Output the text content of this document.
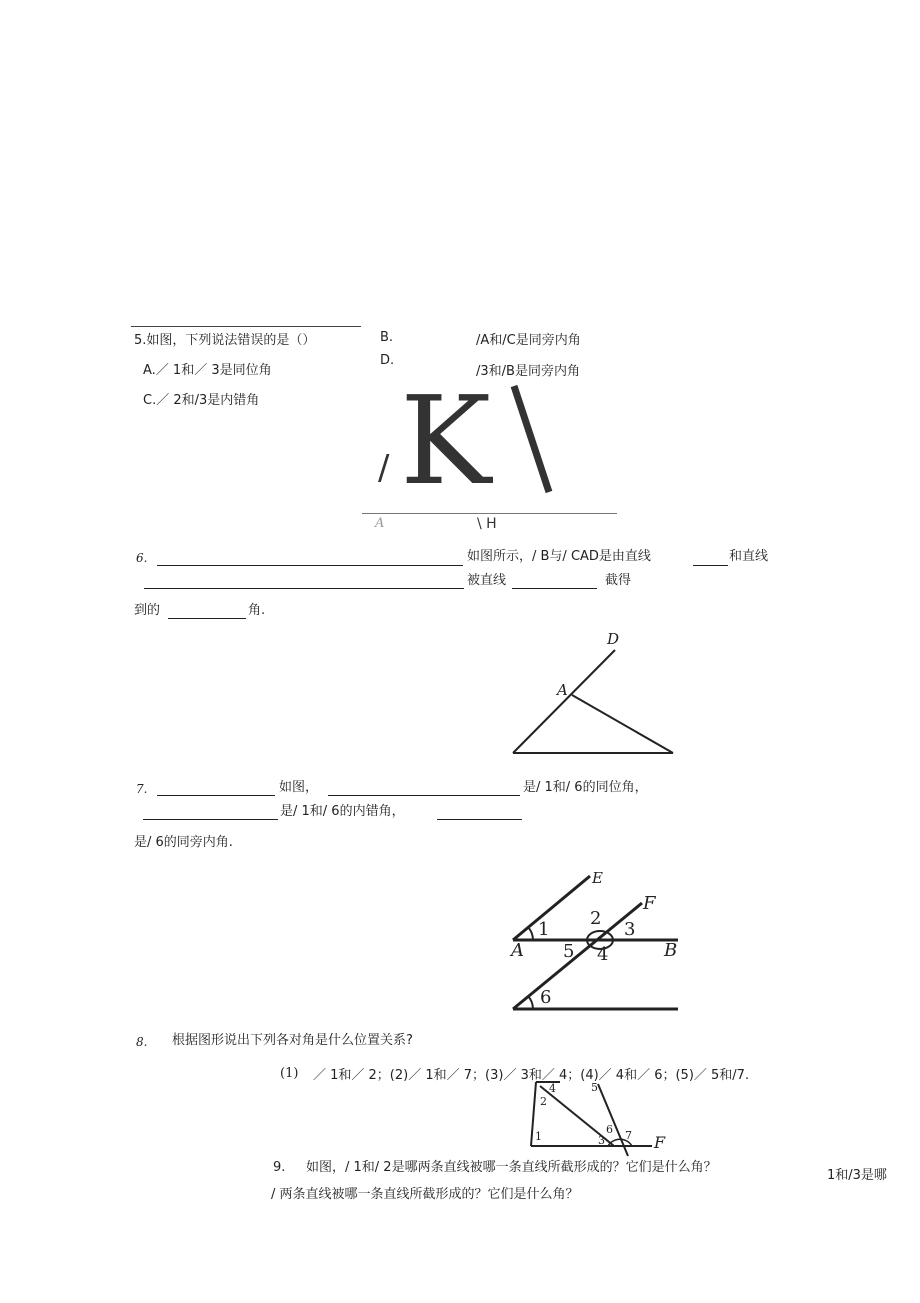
5.如图，下列说法错误的是（）	B.	/A和/C是同旁内角
A.／ 1和／ 3是同位角
D.
/3和/B是同旁内角
C.／ 2和/3是内错角
/ K
A	\ H
6.	如图所示，/ B与/ CAD是由直线	和直线
被直线	截得
到的	角.
D
A
7.	如图，	是/ 1和/ 6的同位角，
是/ 1和/ 6的内错角，
是/ 6的同旁内角.
E
F
A	B
1
2
3
4
5
6
8. 根据图形说出下列各对角是什么位置关系?
(1) ／ 1和／ 2；(2)／ 1和／ 7；(3)／ 3和／ 4；(4)／ 4和／ 6；(5)／ 5和/7.
4
2
5
1
6
3 7 F
9. 如图，/ 1和/ 2是哪两条直线被哪一条直线所截形成的？它们是什么角？
1和/3是哪
/ 两条直线被哪一条直线所截形成的？它们是什么角？
